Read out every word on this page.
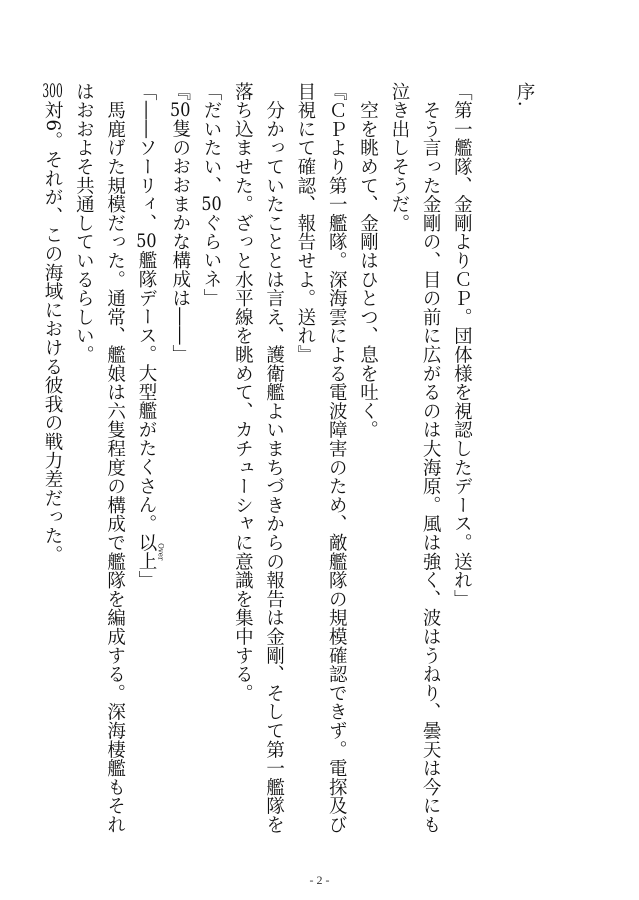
序.
「第一艦隊、金剛よりＣＰ。団体様を視認したデース。送れ」
　そう言った金剛の、目の前に広がるのは大海原。風は強く、波はうねり、曇天は今にも
泣き出しそうだ。
　空を眺めて、金剛はひとつ、息を吐く。
『ＣＰより第一艦隊。深海雲による電波障害のため、敵艦隊の規模確認できず。電探及び
目視にて確認、報告せよ。送れ』
　分かっていたこととは言え、護衛艦よいまちづきからの報告は金剛、そして第一艦隊を
落ち込ませた。ざっと水平線を眺めて、カチューシャに意識を集中する。
「だいたい、50ぐらいネ」
『50隻のおおまかな構成は――」
「――ソーリィ、50艦隊デース。大型艦がたくさん。以上 Over」
　馬鹿げた規模だった。通常、艦娘は六隻程度の構成で艦隊を編成する。深海棲艦もそれ
はおおよそ共通しているらしい。
300対6。それが、この海域における彼我の戦力差だった。
- 2 -
